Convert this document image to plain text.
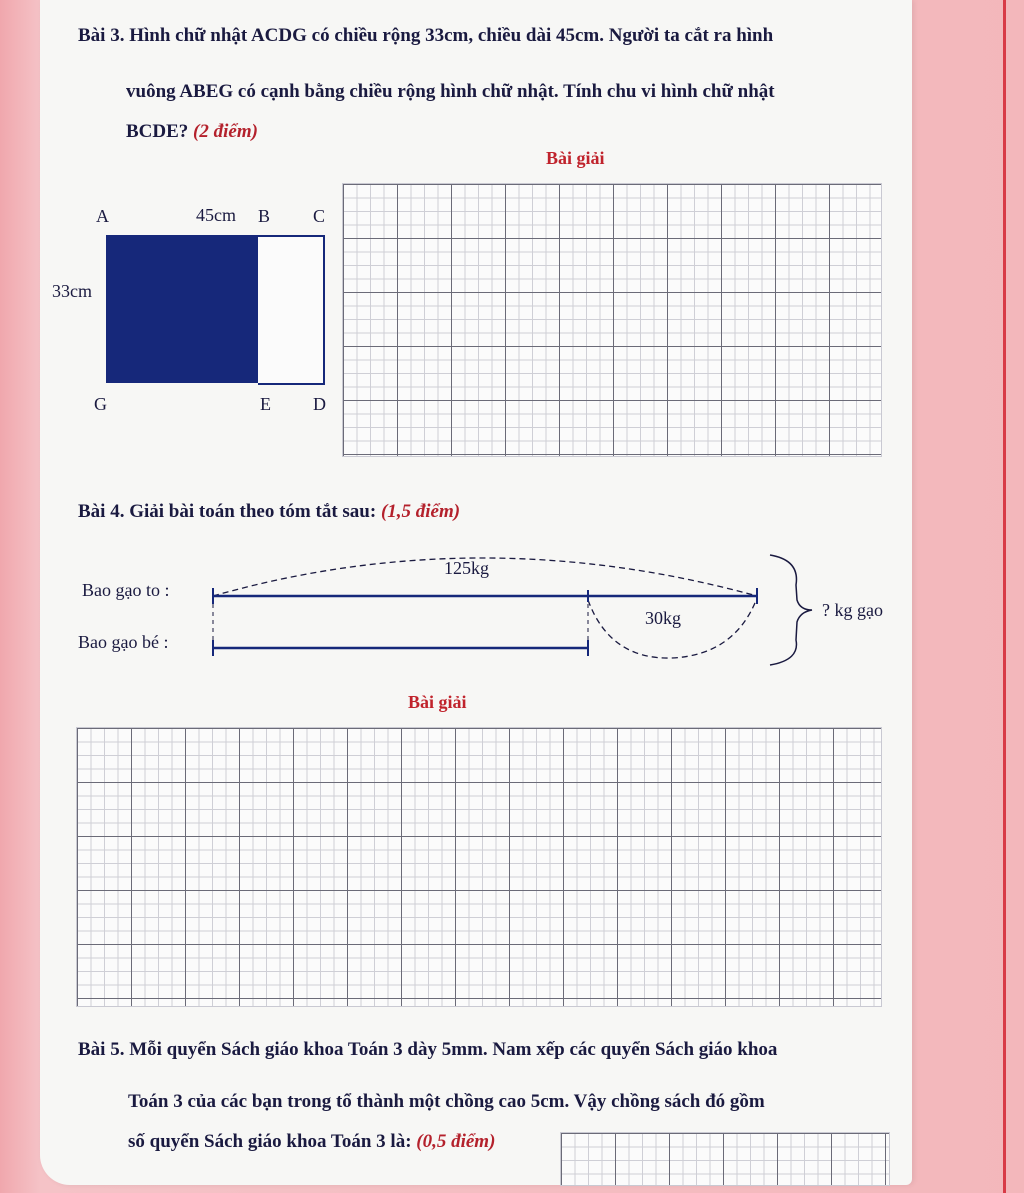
Bài 3. Hình chữ nhật ACDG có chiều rộng 33cm, chiều dài 45cm. Người ta cắt ra hình
vuông ABEG có cạnh bằng chiều rộng hình chữ nhật. Tính chu vi hình chữ nhật
BCDE? (2 điểm)
Bài giải
A	45cm B C
33cm
G	E D
Bài 4. Giải bài toán theo tóm tắt sau: (1,5 điểm)
Bao gạo to :
Bao gạo bé :
125kg
30kg	? kg gạo
Bài giải
Bài 5. Mỗi quyển Sách giáo khoa Toán 3 dày 5mm. Nam xếp các quyển Sách giáo khoa
Toán 3 của các bạn trong tổ thành một chồng cao 5cm. Vậy chồng sách đó gồm
số quyển Sách giáo khoa Toán 3 là: (0,5 điểm)
